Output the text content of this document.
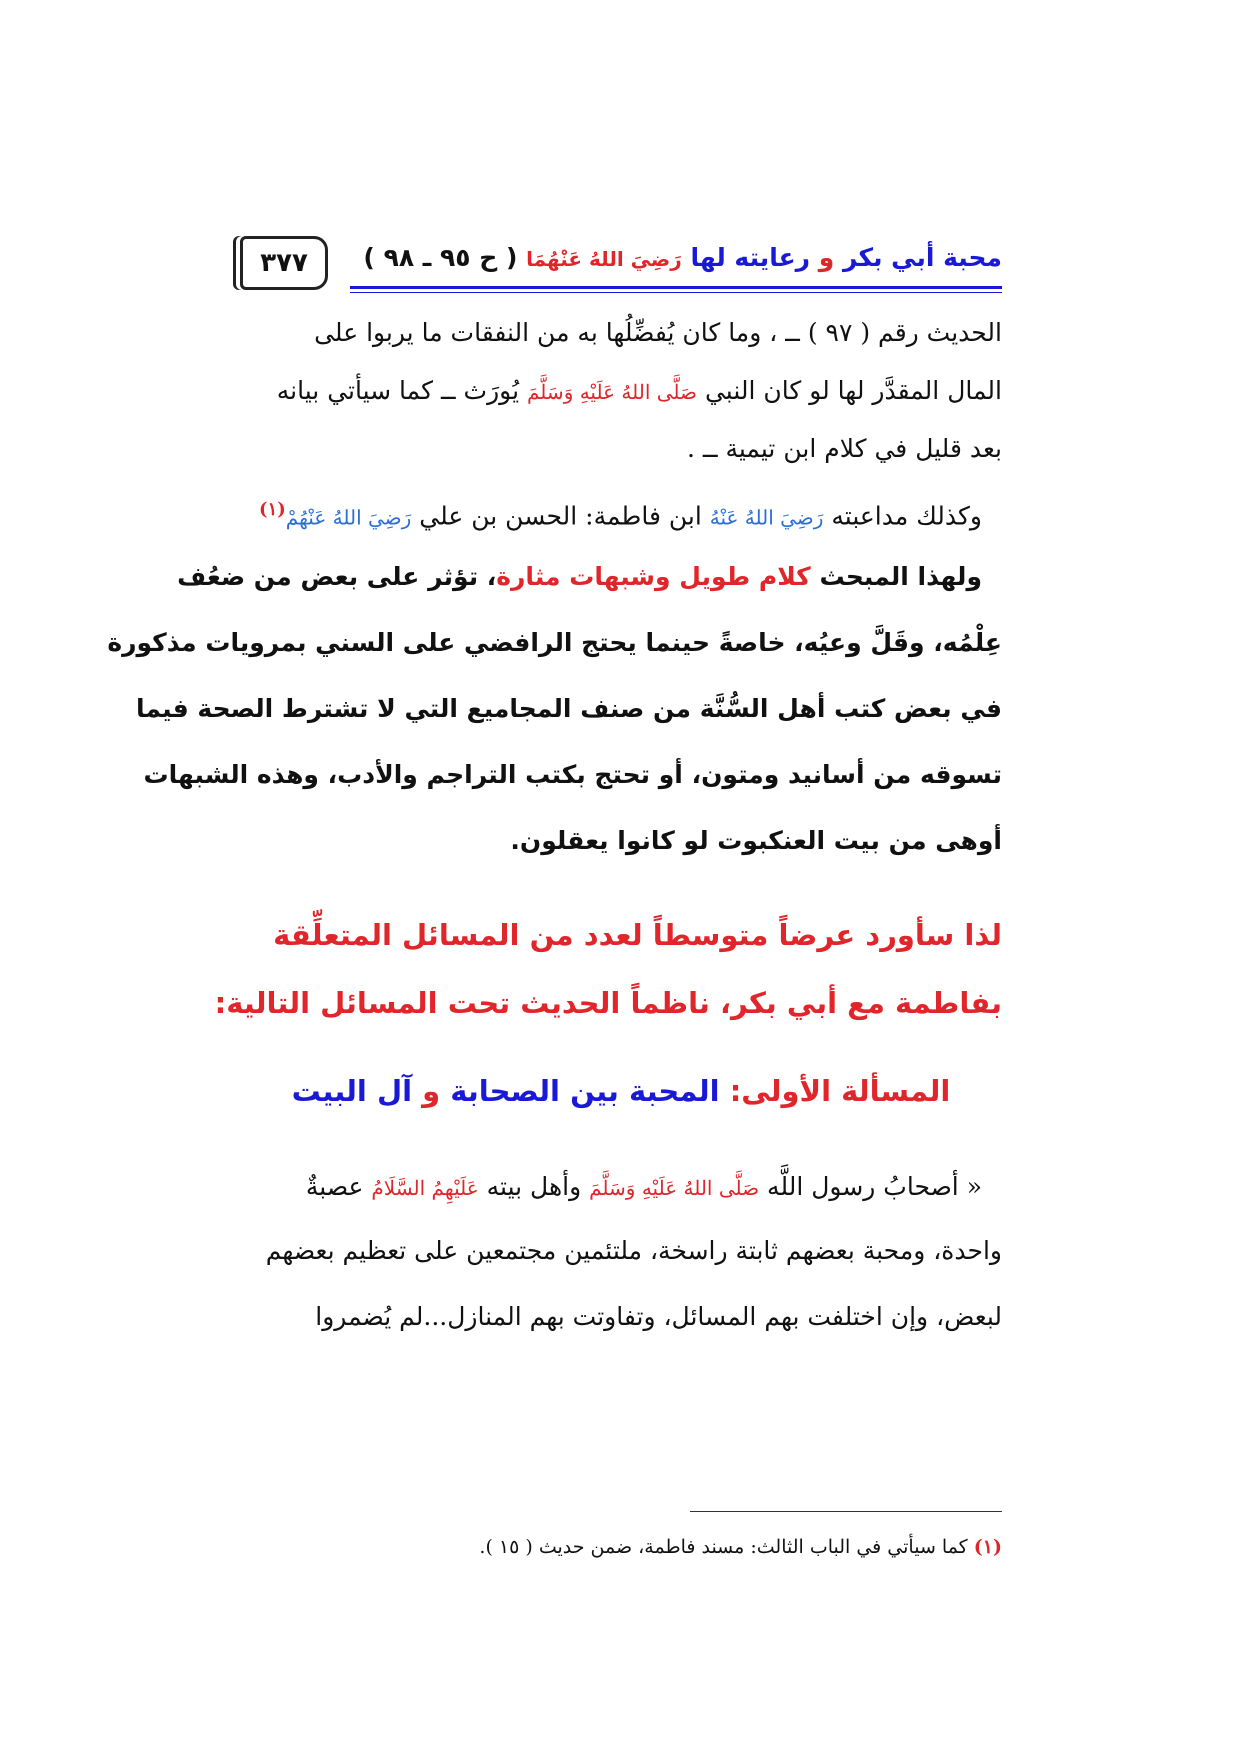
٣٧٧	محبة أبي بكر و رعايته لها رَضِيَ اللهُ عَنْهُمَا ( ح ٩٥ ـ ٩٨ )
الحديث رقم ( ٩٧ ) ــ ، وما كان يُفضِّلُها به من النفقات ما يربوا على
المال المقدَّر لها لو كان النبي صَلَّى اللهُ عَلَيْهِ وَسَلَّمَ يُورَث ــ كما سيأتي بيانه
بعد قليل في كلام ابن تيمية ــ .
وكذلك مداعبته رَضِيَ اللهُ عَنْهُ ابن فاطمة: الحسن بن علي رَضِيَ اللهُ عَنْهُمْ$^{(١)}$
ولهذا المبحث كلام طويل وشبهات مثارة، تؤثر على بعض من ضعُف
عِلْمُه، وقَلَّ وعيُه، خاصةً حينما يحتج الرافضي على السني بمرويات مذكورة
في بعض كتب أهل السُّنَّة من صنف المجاميع التي لا تشترط الصحة فيما
تسوقه من أسانيد ومتون، أو تحتج بكتب التراجم والأدب، وهذه الشبهات
أوهى من بيت العنكبوت لو كانوا يعقلون.
لذا سأورد عرضاً متوسطاً لعدد من المسائل المتعلِّقة
بفاطمة مع أبي بكر، ناظماً الحديث تحت المسائل التالية:
المسألة الأولى: المحبة بين الصحابة و آل البيت
« أصحابُ رسول اللَّه صَلَّى اللهُ عَلَيْهِ وَسَلَّمَ وأهل بيته عَلَيْهِمُ السَّلَامُ عصبةٌ
واحدة، ومحبة بعضهم ثابتة راسخة، ملتئمين مجتمعين على تعظيم بعضهم
لبعض، وإن اختلفت بهم المسائل، وتفاوتت بهم المنازل...لم يُضمروا
(١) كما سيأتي في الباب الثالث: مسند فاطمة، ضمن حديث ( ١٥ ).
